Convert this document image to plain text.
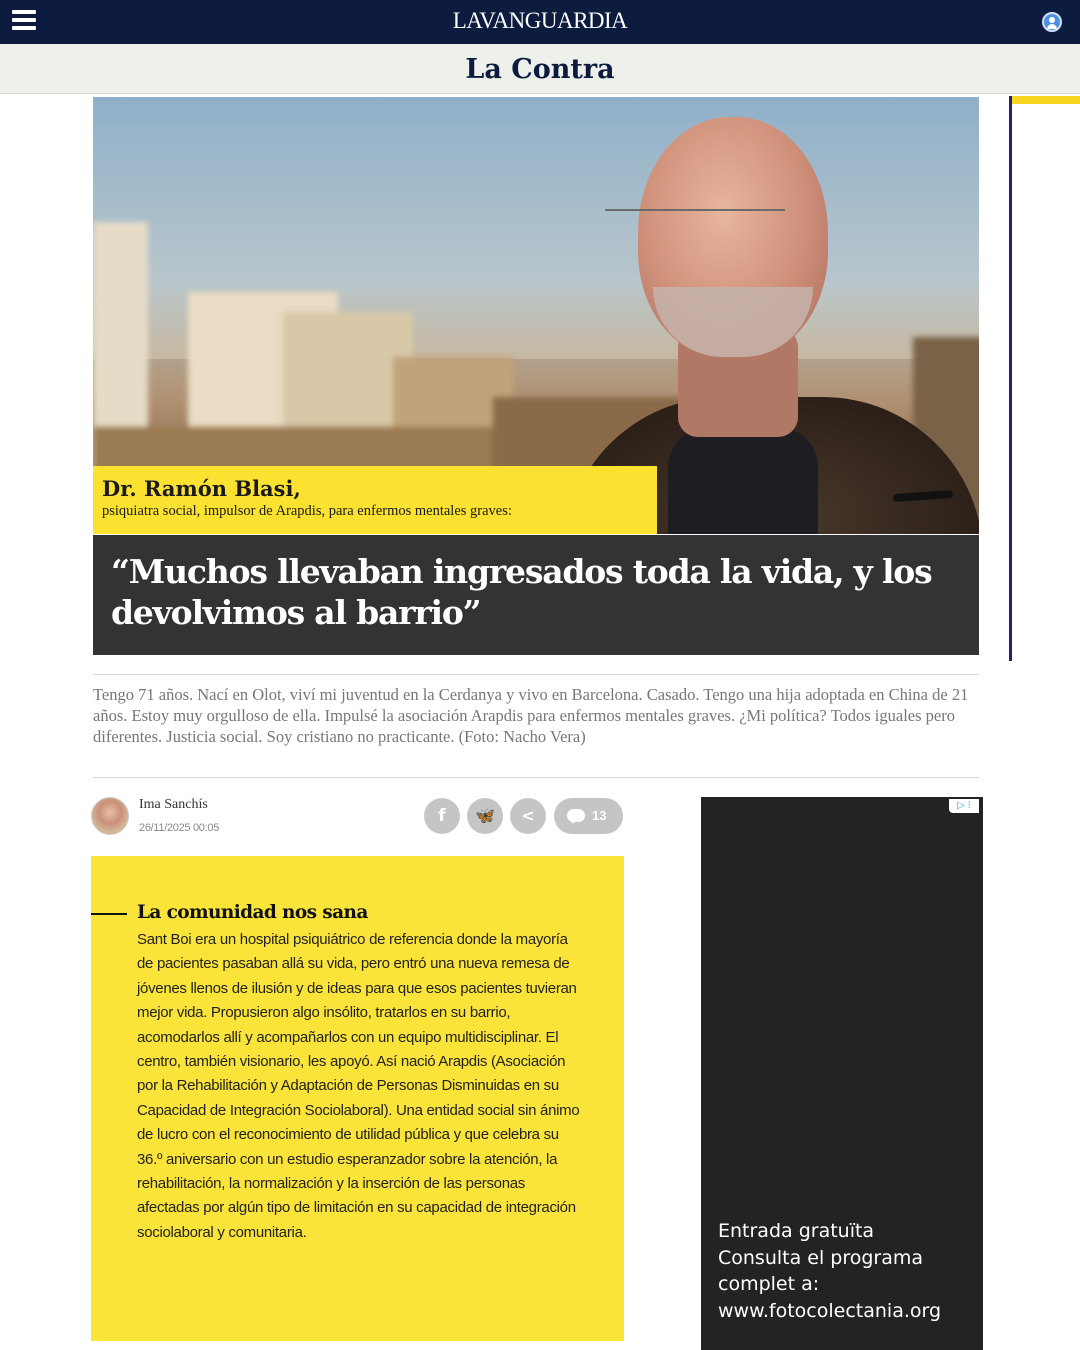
LAVANGUARDIA
La Contra
Dr. Ramón Blasi,
psiquiatra social, impulsor de Arapdis, para enfermos mentales graves:
“Muchos llevaban ingresados toda la vida, y los devolvimos al barrio”

Tengo 71 años. Nací en Olot, viví mi juventud en la Cerdanya y vivo en Barcelona. Casado. Tengo una hija adoptada en China de 21 años. Estoy muy orgulloso de ella. Impulsé la asociación Arapdis para enfermos mentales graves. ¿Mi política? Todos iguales pero diferentes. Justicia social. Soy cristiano no practicante. (Foto: Nacho Vera)

Ima Sanchís
26/11/2025 00:05
f	🦋	<	13
La comunidad nos sana

Sant Boi era un hospital psiquiátrico de referencia donde la mayoría de pacientes pasaban allá su vida, pero entró una nueva remesa de jóvenes llenos de ilusión y de ideas para que esos pacientes tuvieran mejor vida. Propusieron algo insólito, tratarlos en su barrio, acomodarlos allí y acompañarlos con un equipo multidisciplinar. El centro, también visionario, les apoyó. Así nació Arapdis (Asociación por la Rehabilitación y Adaptación de Personas Disminuidas en su Capacidad de Integración Sociolaboral). Una entidad social sin ánimo de lucro con el reconocimiento de utilidad pública y que celebra su 36.º aniversario con un estudio esperanzador sobre la atención, la rehabilitación, la normalización y la inserción de las personas afectadas por algún tipo de limitación en su capacidad de integración sociolaboral y comunitaria.

▷ ⁝
Entrada gratuïta
Consulta el programa
complet a:
www.fotocolectania.org
